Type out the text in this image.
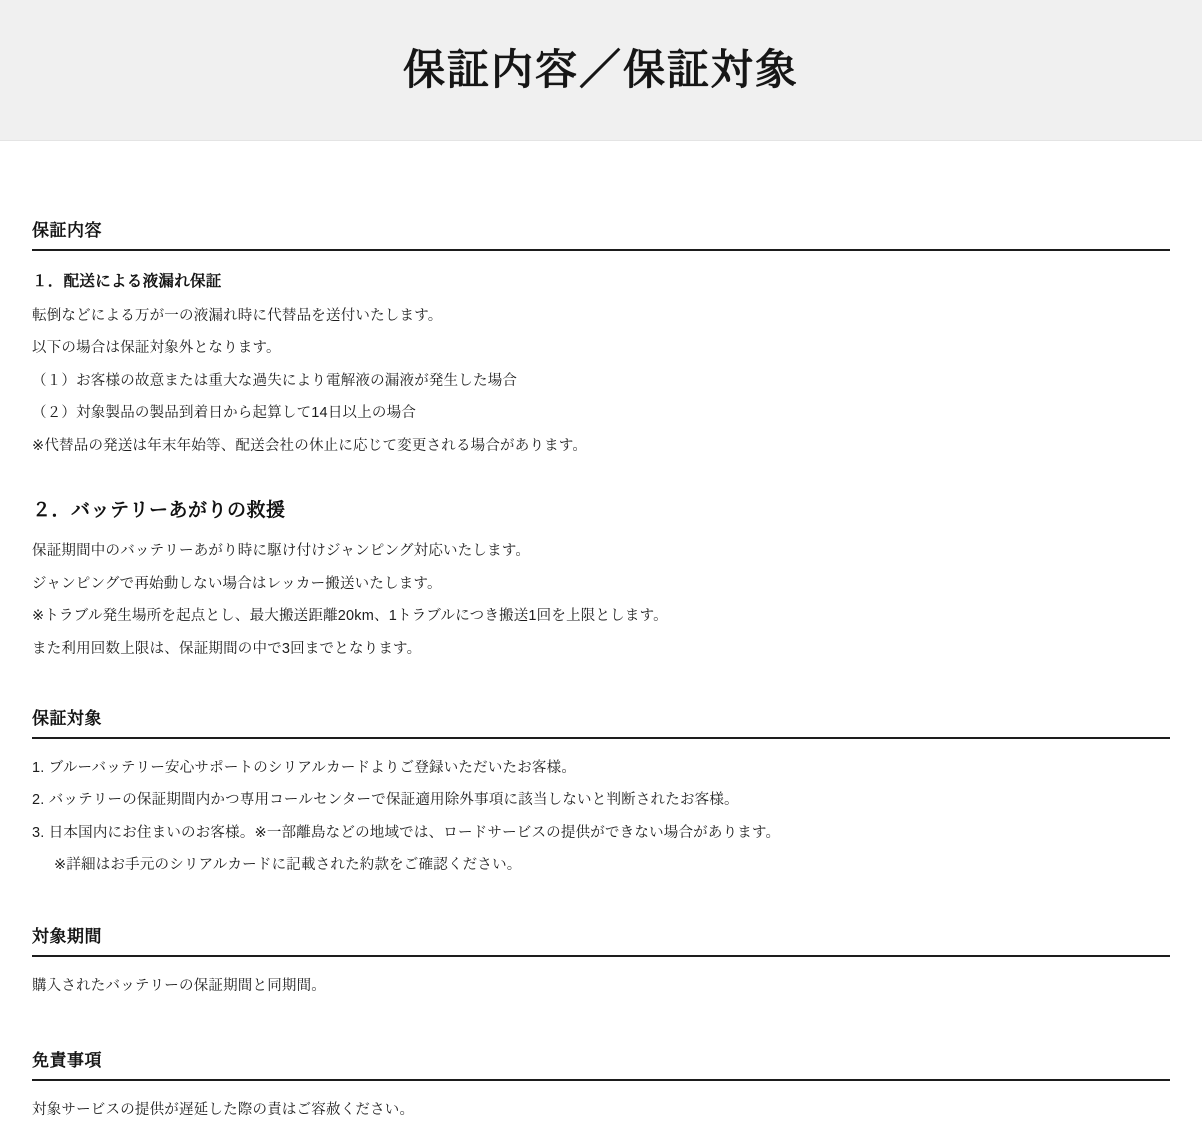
保証内容／保証対象
保証内容
１．配送による液漏れ保証

転倒などによる万が一の液漏れ時に代替品を送付いたします。

以下の場合は保証対象外となります。

（１）お客様の故意または重大な過失により電解液の漏液が発生した場合

（２）対象製品の製品到着日から起算して14日以上の場合

※代替品の発送は年末年始等、配送会社の休止に応じて変更される場合があります。

２．バッテリーあがりの救援

保証期間中のバッテリーあがり時に駆け付けジャンピング対応いたします。

ジャンピングで再始動しない場合はレッカー搬送いたします。

※トラブル発生場所を起点とし、最大搬送距離20km、1トラブルにつき搬送1回を上限とします。

また利用回数上限は、保証期間の中で3回までとなります。

保証対象
1. ブルーバッテリー安心サポートのシリアルカードよりご登録いただいたお客様。
2. バッテリーの保証期間内かつ専用コールセンターで保証適用除外事項に該当しないと判断されたお客様。
3. 日本国内にお住まいのお客様。※一部離島などの地域では、ロードサービスの提供ができない場合があります。

※詳細はお手元のシリアルカードに記載された約款をご確認ください。

対象期間

購入されたバッテリーの保証期間と同期間。

免責事項

対象サービスの提供が遅延した際の責はご容赦ください。
